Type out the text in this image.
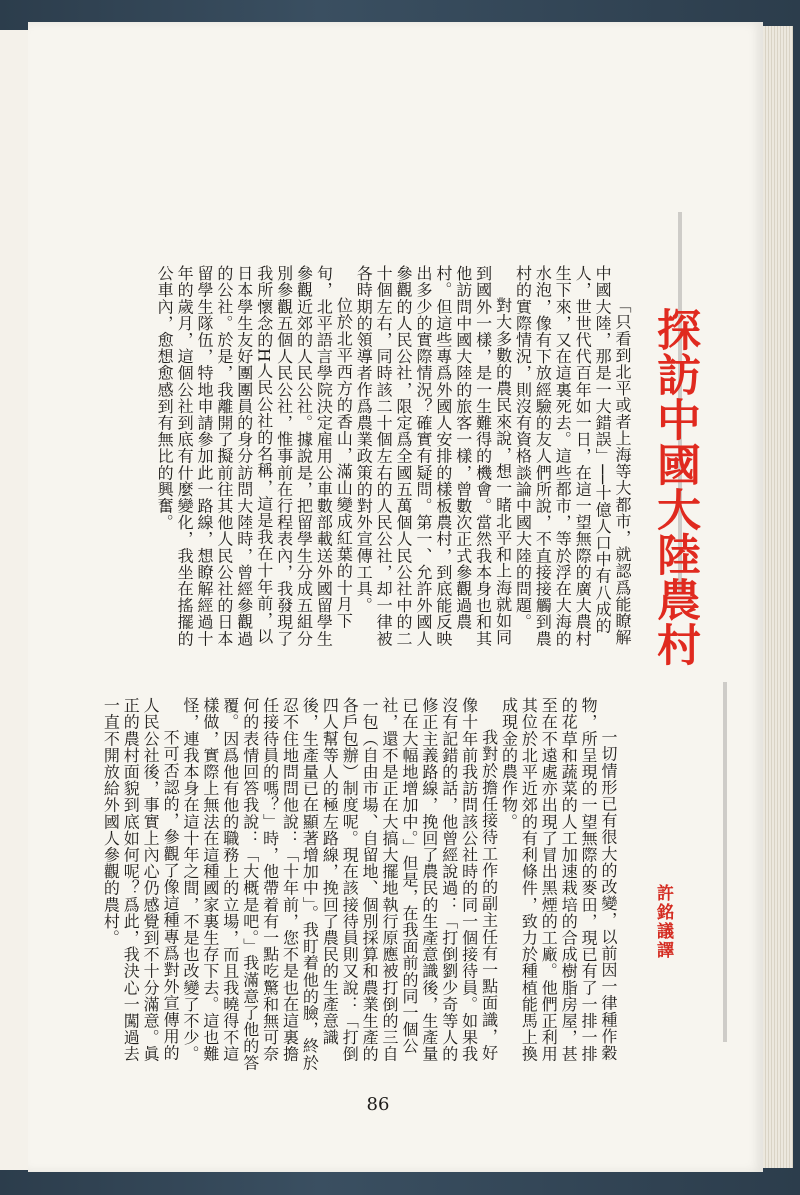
探訪中國大陸農村
許銘議譯

「只看到北平或者上海等大都市，就認爲能瞭解中國大陸，那是一大錯誤」──十億人口中有八成的人，世世代代百年如一日，在這一望無際的廣大農村生下來，又在這裏死去。這些都市，等於浮在大海的水泡，像有下放經驗的友人們所說，不直接接觸到農村的實際情況，則沒有資格談論中國大陸的問題。

對大多數的農民來說，想一睹北平和上海就如同到國外一樣，是一生難得的機會。當然我本身也和其他訪問中國大陸的旅客一樣，曾數次正式參觀過農村。但這些專爲外國人安排的樣板農村，到底能反映出多少的實際情況？確實有疑問。第一、允許外國人參觀的人民公社，限定爲全國五萬個人民公社中的二十個左右，同時該二十個左右的人民公社，却一律被各時期的領導者作爲農業政策的對外宣傳工具。

位於北平西方的香山，滿山變成紅葉的十月下旬，北平語言學院決定雇用公車數部載送外國留學生參觀近郊的人民公社。據說是，把留學生分成五組分別參觀五個人民公社，惟事前在行程表內，我發現了我所懷念的H人民公社的名稱，這是我在十年前，以日本學生友好團團員的身分訪問大陸時，曾經參觀過的公社。於是，我離開了擬前往其他人民公社的日本留學生隊伍，特地申請參加此一路線，想瞭解經過十年的歲月，這個公社到底有什麼變化，我坐在搖擺的公車內，愈想愈感到有無比的興奮。

一切情形已有很大的改變，以前因一律種作穀物，所呈現的一望無際的麥田，現已有了一排一排的花草和蔬菜的人工加速栽培的合成樹脂房屋，甚至在不遠處亦出現了冒出黑煙的工廠。他們正利用其位於北平近郊的有利條件，致力於種植能馬上換成現金的農作物。

我對於擔任接待工作的副主任有一點面識，好像十年前我訪問該公社時的同一個接待員。如果我沒有記錯的話，他曾經說過：「打倒劉少奇等人的修正主義路線，挽回了農民的生產意識後，生產量已在大幅地增加中。」但是，在我面前的同一個公社，還不是正在大搞大擺地執行原應被打倒的三自一包（自由市場、自留地、個別採算和農業生產的各戶包辦）制度呢。現在該接待員則又說：「打倒四人幫等人的極左路線，挽回了農民的生產意識後，生產量已在顯著增加中」。我盯着他的臉，終於忍不住地問問他說：「十年前，您不是也在這裏擔任接待員的嗎？」時，他帶着有一點吃驚和無可奈何的表情回答我說：「大概是吧。」我滿意了他的答覆。因爲他有他的職務上的立場，而且我曉得不這樣做，實際上無法在這種國家裏生存下去。這也難怪，連我本身在這十年之間，不是也改變了不少。

不可否認的，參觀了像這種專爲對外宣傳用的人民公社後，事實上內心仍感覺到不十分滿意。眞正的農村面貌到底如何呢？爲此，我決心一闖過去一直不開放給外國人參觀的農村。

86
